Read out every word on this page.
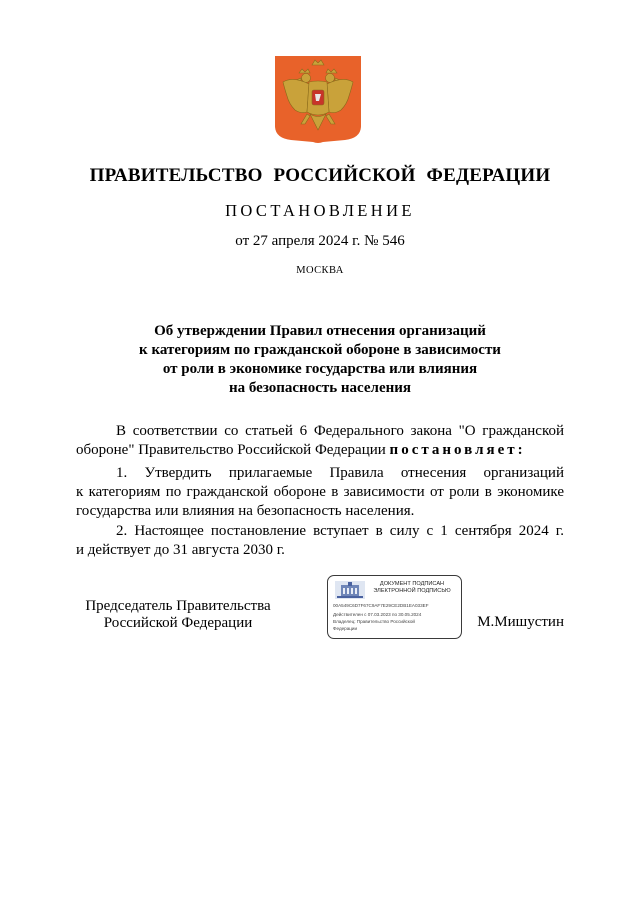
ПРАВИТЕЛЬСТВО РОССИЙСКОЙ ФЕДЕРАЦИИ
ПОСТАНОВЛЕНИЕ
от 27 апреля 2024 г. № 546
МОСКВА
Об утверждении Правил отнесения организаций
к категориям по гражданской обороне в зависимости
от роли в экономике государства или влияния
на безопасность населения
В соответствии со статьей 6 Федерального закона "О гражданской
обороне" Правительство Российской Федерации постановляет:
1. Утвердить прилагаемые Правила отнесения организаций
к категориям по гражданской обороне в зависимости от роли в экономике
государства или влияния на безопасность населения.
2. Настоящее постановление вступает в силу с 1 сентября 2024 г.
и действует до 31 августа 2030 г.
Председатель Правительства
Российской Федерации	М.Мишустин
ДОКУМЕНТ ПОДПИСАН
ЭЛЕКТРОННОЙ ПОДПИСЬЮ
00A549C6D7F67C9AF7E29CE2DB1EA033EF
Действителен с 07.03.2023 по 30.05.2024
Владелец: Правительство Российской
Федерации
